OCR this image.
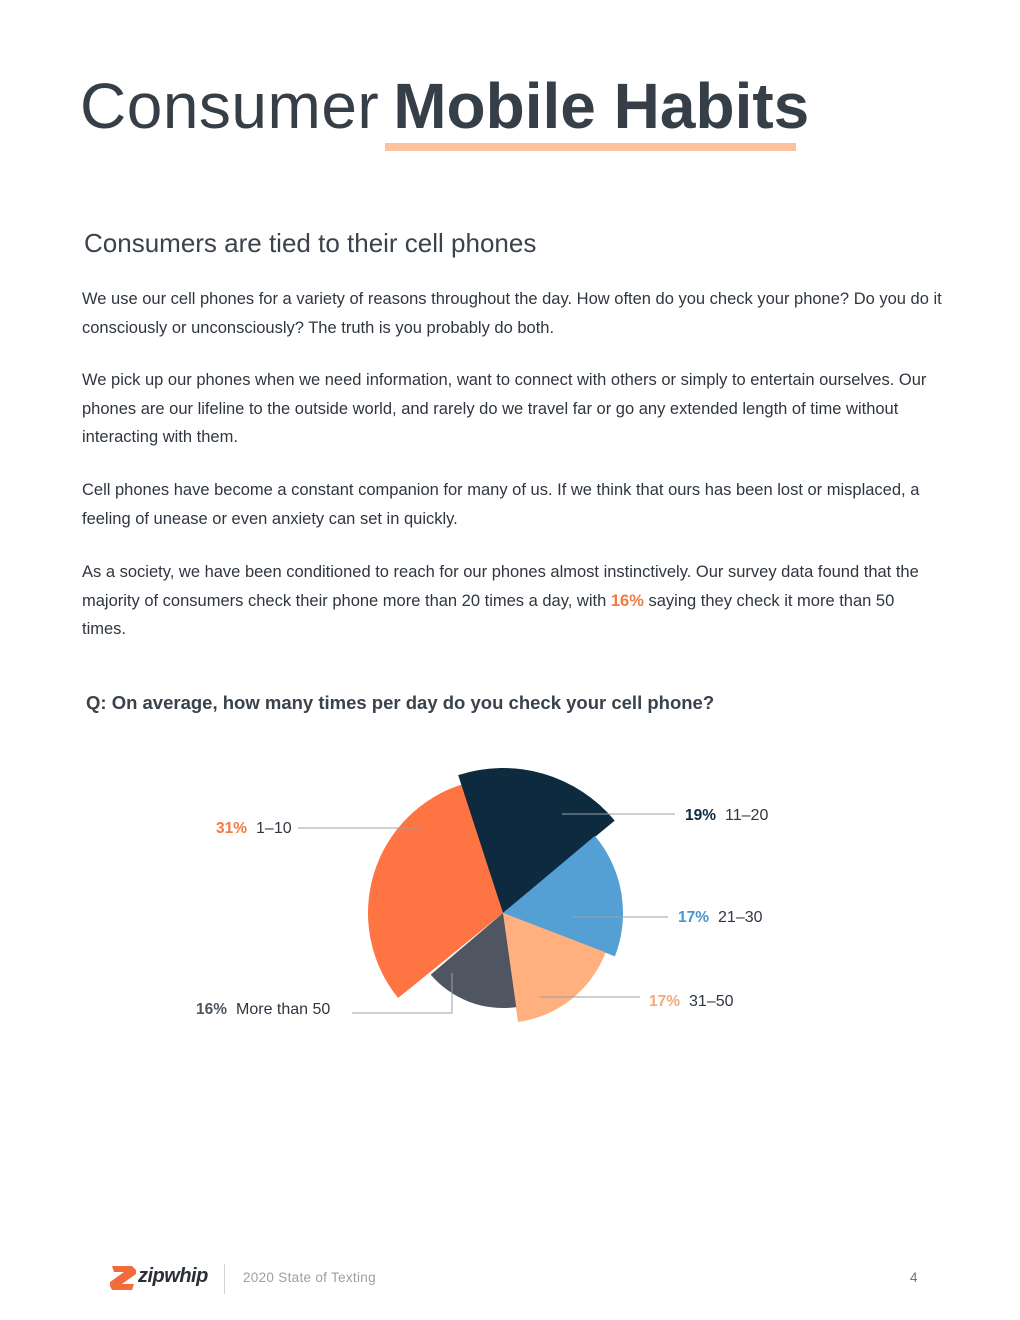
Consumer Mobile Habits
Consumers are tied to their cell phones

We use our cell phones for a variety of reasons throughout the day. How often do you check your phone? Do you do it consciously or unconsciously? The truth is you probably do both.

We pick up our phones when we need information, want to connect with others or simply to entertain ourselves. Our phones are our lifeline to the outside world, and rarely do we travel far or go any extended length of time without interacting with them.

Cell phones have become a constant companion for many of us. If we think that ours has been lost or misplaced, a feeling of unease or even anxiety can set in quickly.

As a society, we have been conditioned to reach for our phones almost instinctively. Our survey data found that the majority of consumers check their phone more than 20 times a day, with 16% saying they check it more than 50 times.

Q: On average, how many times per day do you check your cell phone?
31% 1–10
19% 11–20
17% 21–30
17% 31–50
16% More than 50
zipwhip	2020 State of Texting	4
